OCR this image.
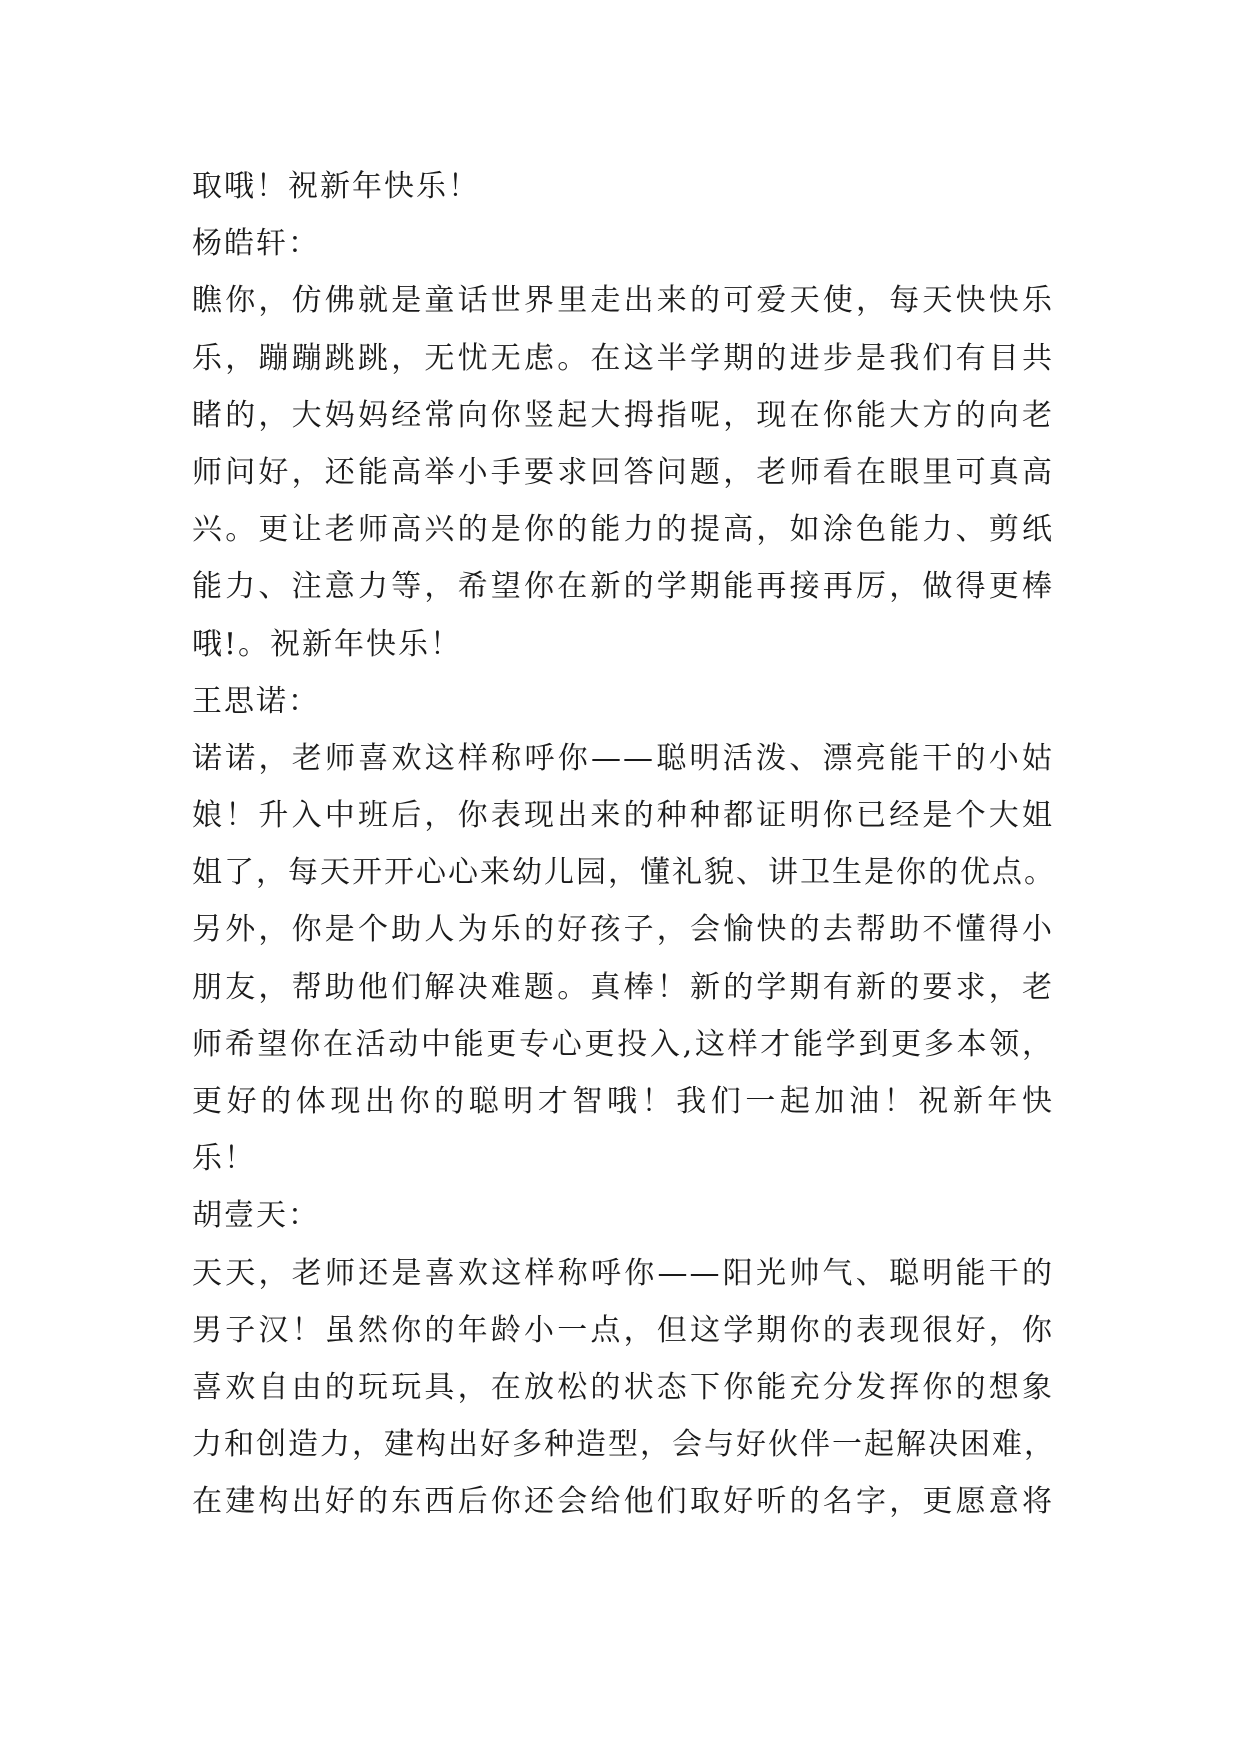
取哦！祝新年快乐！
杨皓轩：
瞧你，仿佛就是童话世界里走出来的可爱天使，每天快快乐
乐，蹦蹦跳跳，无忧无虑。在这半学期的进步是我们有目共
睹的，大妈妈经常向你竖起大拇指呢，现在你能大方的向老
师问好，还能高举小手要求回答问题，老师看在眼里可真高
兴。更让老师高兴的是你的能力的提高，如涂色能力、剪纸
能力、注意力等，希望你在新的学期能再接再厉，做得更棒
哦!。祝新年快乐！
王思诺：
诺诺，老师喜欢这样称呼你——聪明活泼、漂亮能干的小姑
娘！升入中班后，你表现出来的种种都证明你已经是个大姐
姐了，每天开开心心来幼儿园，懂礼貌、讲卫生是你的优点。
另外，你是个助人为乐的好孩子，会愉快的去帮助不懂得小
朋友，帮助他们解决难题。真棒！新的学期有新的要求，老
师希望你在活动中能更专心更投入,这样才能学到更多本领，
更好的体现出你的聪明才智哦！我们一起加油！祝新年快
乐！
胡壹天：
天天，老师还是喜欢这样称呼你——阳光帅气、聪明能干的
男子汉！虽然你的年龄小一点，但这学期你的表现很好，你
喜欢自由的玩玩具，在放松的状态下你能充分发挥你的想象
力和创造力，建构出好多种造型，会与好伙伴一起解决困难，
在建构出好的东西后你还会给他们取好听的名字，更愿意将
